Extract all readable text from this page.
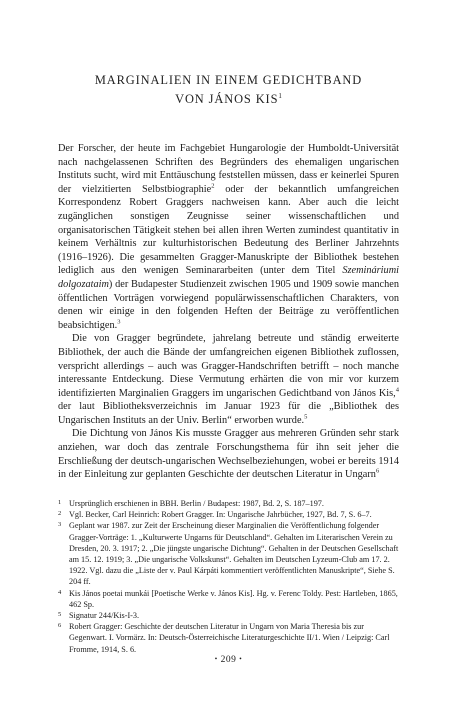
MARGINALIEN IN EINEM GEDICHTBAND
VON JÁNOS KIS$^1$

Der Forscher, der heute im Fachgebiet Hungarologie der Humboldt-Universität nach nachgelassenen Schriften des Begründers des ehemaligen ungarischen Instituts sucht, wird mit Enttäuschung feststellen müssen, dass er keinerlei Spuren der vielzitierten Selbstbiographie$^2$ oder der bekanntlich umfangreichen Korrespondenz Robert Graggers nachweisen kann. Aber auch die leicht zugänglichen sonstigen Zeugnisse seiner wissenschaftlichen und organisatorischen Tätigkeit stehen bei allen ihren Werten zumindest quantitativ in keinem Verhältnis zur kulturhistorischen Bedeutung des Berliner Jahrzehnts (1916–1926). Die gesammelten Gragger-Manuskripte der Bibliothek bestehen lediglich aus den wenigen Seminararbeiten (unter dem Titel Szemináriumi dolgozataim) der Budapester Studienzeit zwischen 1905 und 1909 sowie manchen öffentlichen Vorträgen vorwiegend populärwissenschaftlichen Charakters, von denen wir einige in den folgenden Heften der Beiträge zu veröffentlichen beabsichtigen.$^3$

Die von Gragger begründete, jahrelang betreute und ständig erweiterte Bibliothek, der auch die Bände der umfangreichen eigenen Bibliothek zuflossen, verspricht allerdings – auch was Gragger-Handschriften betrifft – noch manche interessante Entdeckung. Diese Vermutung erhärten die von mir vor kurzem identifizierten Marginalien Graggers im ungarischen Gedichtband von János Kis,$^4$ der laut Bibliotheksverzeichnis im Januar 1923 für die „Bibliothek des Ungarischen Instituts an der Univ. Berlin“ erworben wurde.$^5$

Die Dichtung von János Kis musste Gragger aus mehreren Gründen sehr stark anziehen, war doch das zentrale Forschungsthema für ihn seit jeher die Erschließung der deutsch-ungarischen Wechselbeziehungen, wobei er bereits 1914 in der Einleitung zur geplanten Geschichte der deutschen Literatur in Ungarn$^6$

1 Ursprünglich erschienen in BBH. Berlin / Budapest: 1987, Bd. 2, S. 187–197.
2 Vgl. Becker, Carl Heinrich: Robert Gragger. In: Ungarische Jahrbücher, 1927, Bd. 7, S. 6–7.
3 Geplant war 1987. zur Zeit der Erscheinung dieser Marginalien die Veröffentlichung folgender Gragger-Vorträge: 1. „Kulturwerte Ungarns für Deutschland“. Gehalten im Literarischen Verein zu Dresden, 20. 3. 1917; 2. „Die jüngste ungarische Dichtung“. Gehalten in der Deutschen Gesellschaft am 15. 12. 1919; 3. „Die ungarische Volkskunst“. Gehalten im Deutschen Lyzeum-Club am 17. 2. 1922. Vgl. dazu die „Liste der v. Paul Kárpáti kommentiert veröffentlichten Manuskripte“, Siehe S. 204 ff.
4 Kis János poetai munkái [Poetische Werke v. János Kis]. Hg. v. Ferenc Toldy. Pest: Hartleben, 1865, 462 Sp.
5 Signatur 244/Kis-I-3.
6 Robert Gragger: Geschichte der deutschen Literatur in Ungarn von Maria Theresia bis zur Gegenwart. I. Vormärz. In: Deutsch-Österreichische Literaturgeschichte II/1. Wien / Leipzig: Carl Fromme, 1914, S. 6.
• 209 •
